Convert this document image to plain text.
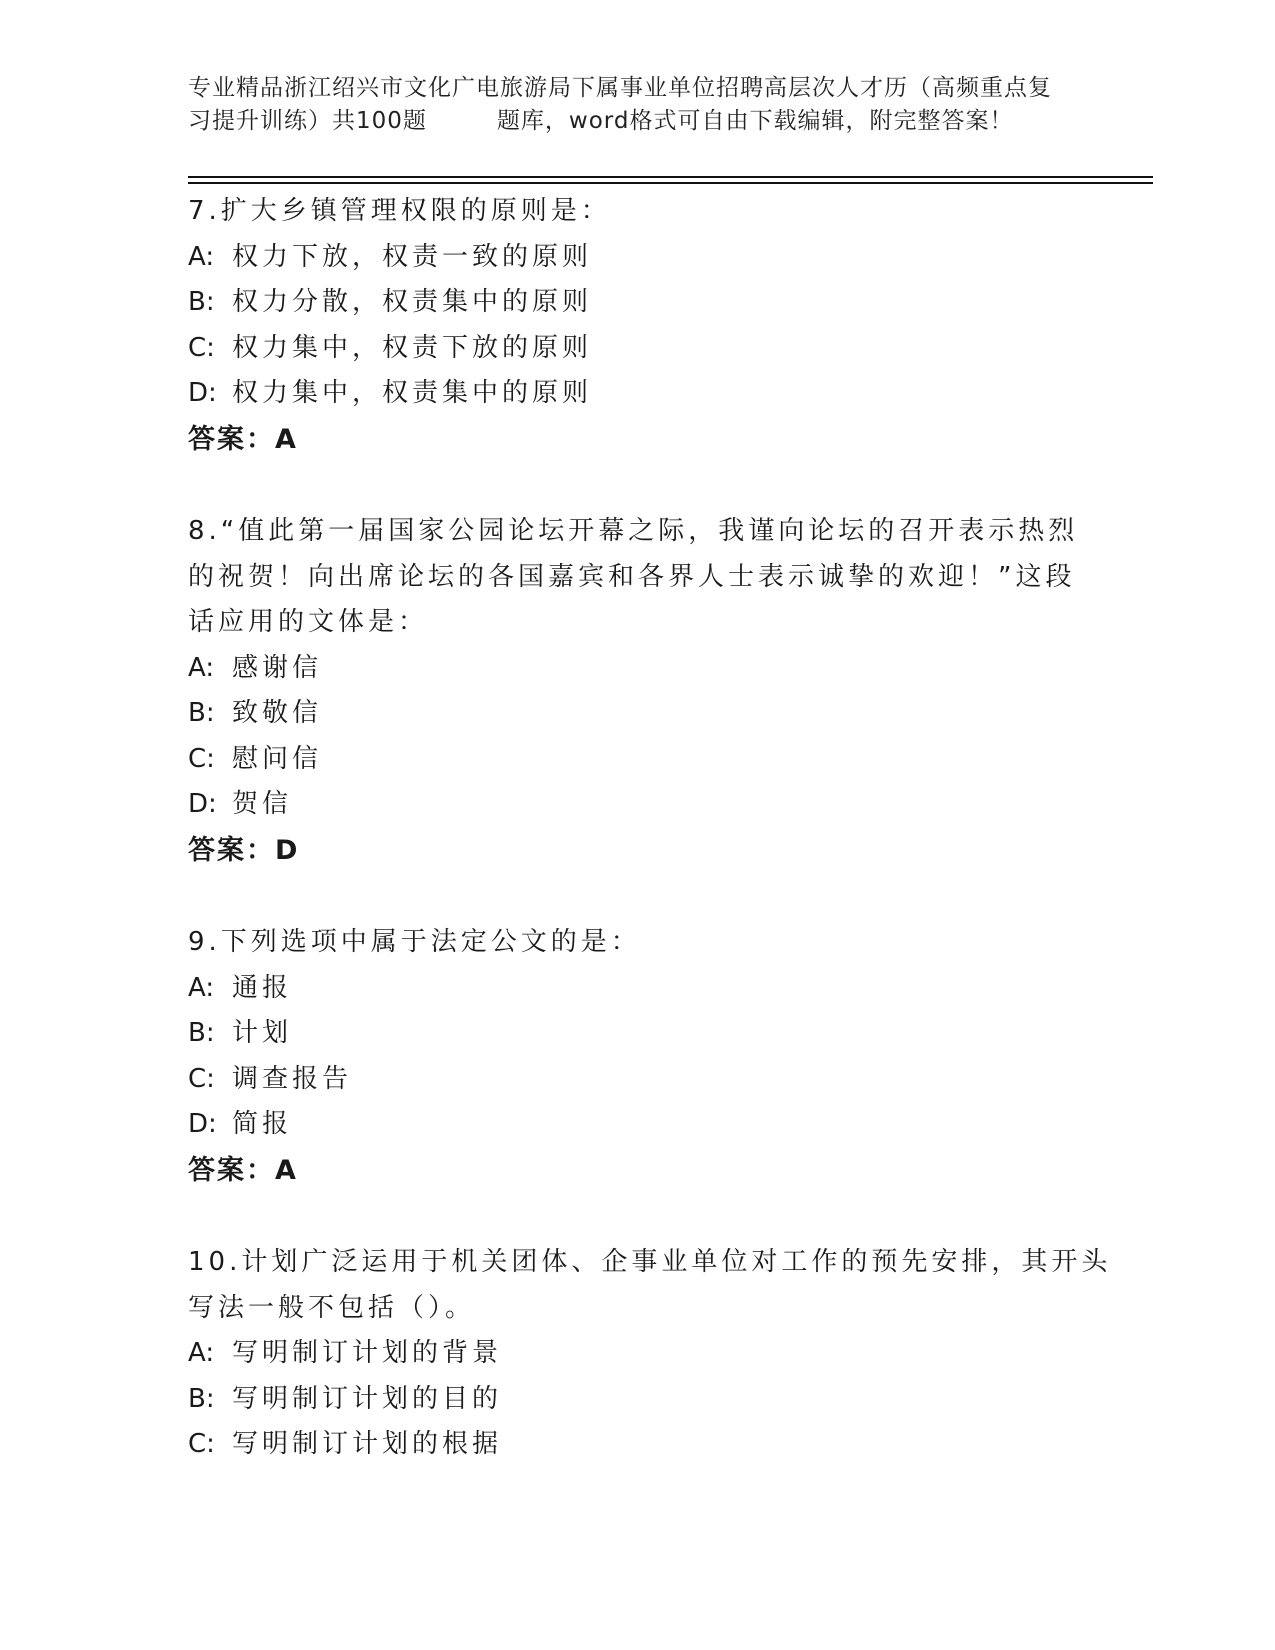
专业精品浙江绍兴市文化广电旅游局下属事业单位招聘高层次人才历（高频重点复
习提升训练）共100题	题库，word格式可自由下载编辑，附完整答案！
7.扩大乡镇管理权限的原则是：
A: 权力下放，权责一致的原则
B: 权力分散，权责集中的原则
C: 权力集中，权责下放的原则
D: 权力集中，权责集中的原则
答案：A
8.“值此第一届国家公园论坛开幕之际，我谨向论坛的召开表示热烈
的祝贺！向出席论坛的各国嘉宾和各界人士表示诚挚的欢迎！”这段
话应用的文体是：
A: 感谢信
B: 致敬信
C: 慰问信
D: 贺信
答案：D
9.下列选项中属于法定公文的是：
A: 通报
B: 计划
C: 调查报告
D: 简报
答案：A
10.计划广泛运用于机关团体、企事业单位对工作的预先安排，其开头
写法一般不包括（）。
A: 写明制订计划的背景
B: 写明制订计划的目的
C: 写明制订计划的根据
